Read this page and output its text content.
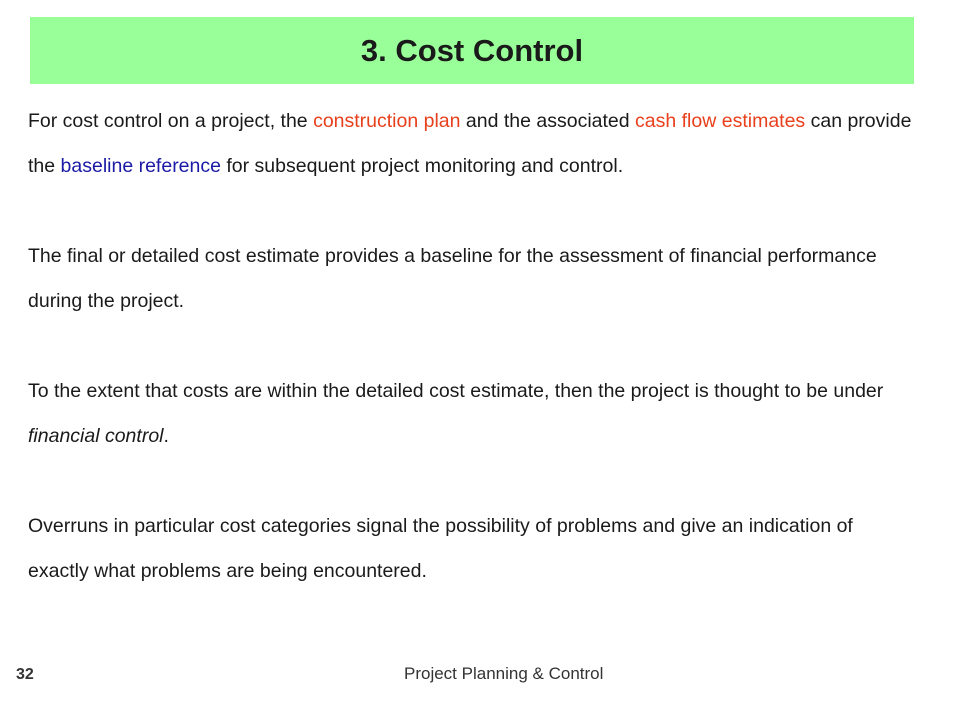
3. Cost Control

For cost control on a project, the construction plan and the associated cash flow estimates can provide the baseline reference for subsequent project monitoring and control.

The final or detailed cost estimate provides a baseline for the assessment of financial performance during the project.

To the extent that costs are within the detailed cost estimate, then the project is thought to be under financial control.

Overruns in particular cost categories signal the possibility of problems and give an indication of exactly what problems are being encountered.

32	Project Planning & Control
